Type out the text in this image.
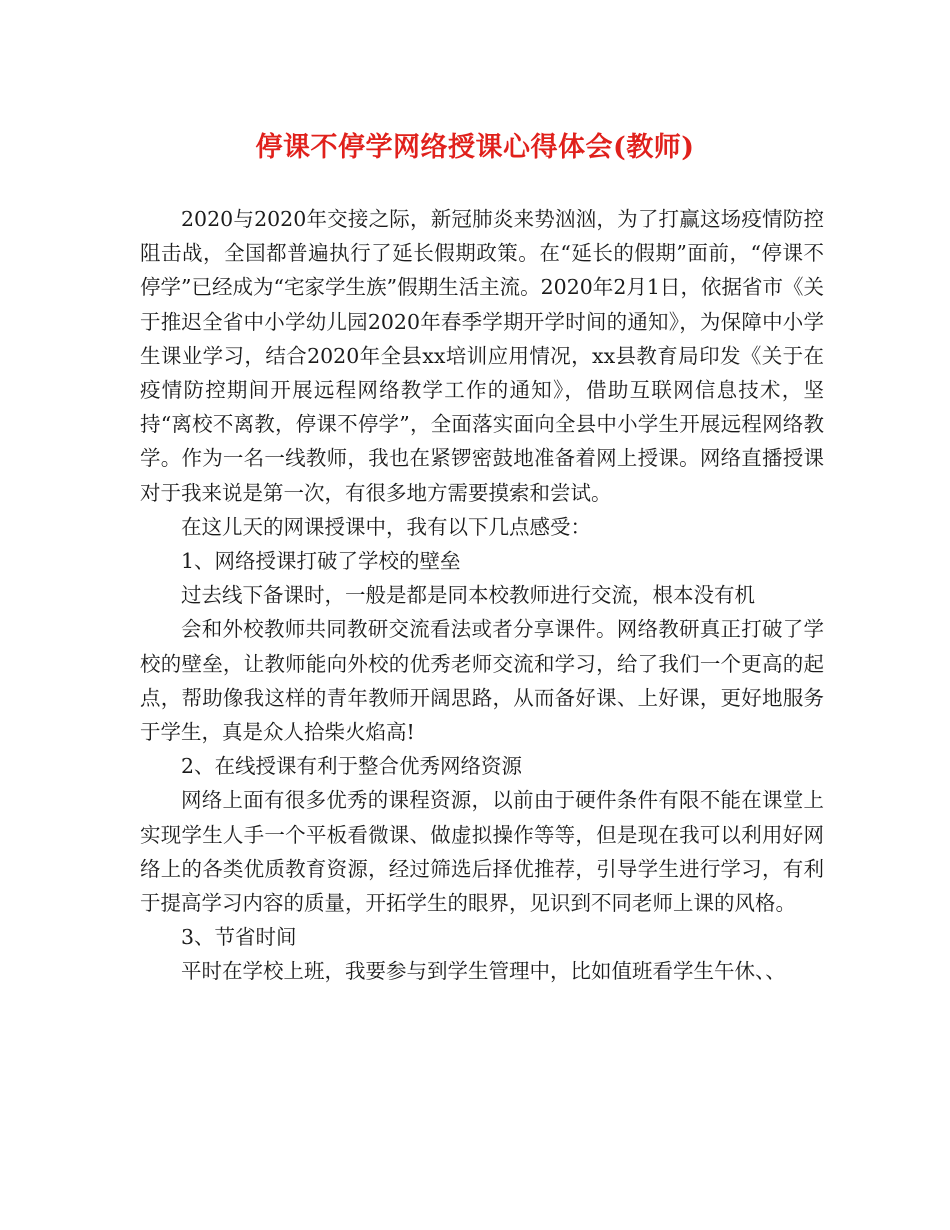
停课不停学网络授课心得体会(教师)

2020与2020年交接之际，新冠肺炎来势汹汹，为了打赢这场疫情防控阻击战，全国都普遍执行了延长假期政策。在“延长的假期”面前，“停课不停学”已经成为“宅家学生族”假期生活主流。2020年2月1日，依据省市《关于推迟全省中小学幼儿园2020年春季学期开学时间的通知》，为保障中小学生课业学习，结合2020年全县xx培训应用情况，xx县教育局印发《关于在疫情防控期间开展远程网络教学工作的通知》，借助互联网信息技术，坚持“离校不离教，停课不停学”，全面落实面向全县中小学生开展远程网络教学。作为一名一线教师，我也在紧锣密鼓地准备着网上授课。网络直播授课对于我来说是第一次，有很多地方需要摸索和尝试。

在这儿天的网课授课中，我有以下几点感受：

1、网络授课打破了学校的壁垒

过去线下备课时，一般是都是同本校教师进行交流，根本没有机

会和外校教师共同教研交流看法或者分享课件。网络教研真正打破了学校的壁垒，让教师能向外校的优秀老师交流和学习，给了我们一个更高的起点，帮助像我这样的青年教师开阔思路，从而备好课、上好课，更好地服务于学生，真是众人拾柴火焰高!

2、在线授课有利于整合优秀网络资源

网络上面有很多优秀的课程资源，以前由于硬件条件有限不能在课堂上实现学生人手一个平板看微课、做虚拟操作等等，但是现在我可以利用好网络上的各类优质教育资源，经过筛选后择优推荐，引导学生进行学习，有利于提高学习内容的质量，开拓学生的眼界，见识到不同老师上课的风格。

3、节省时间

平时在学校上班，我要参与到学生管理中，比如值班看学生午休、、
